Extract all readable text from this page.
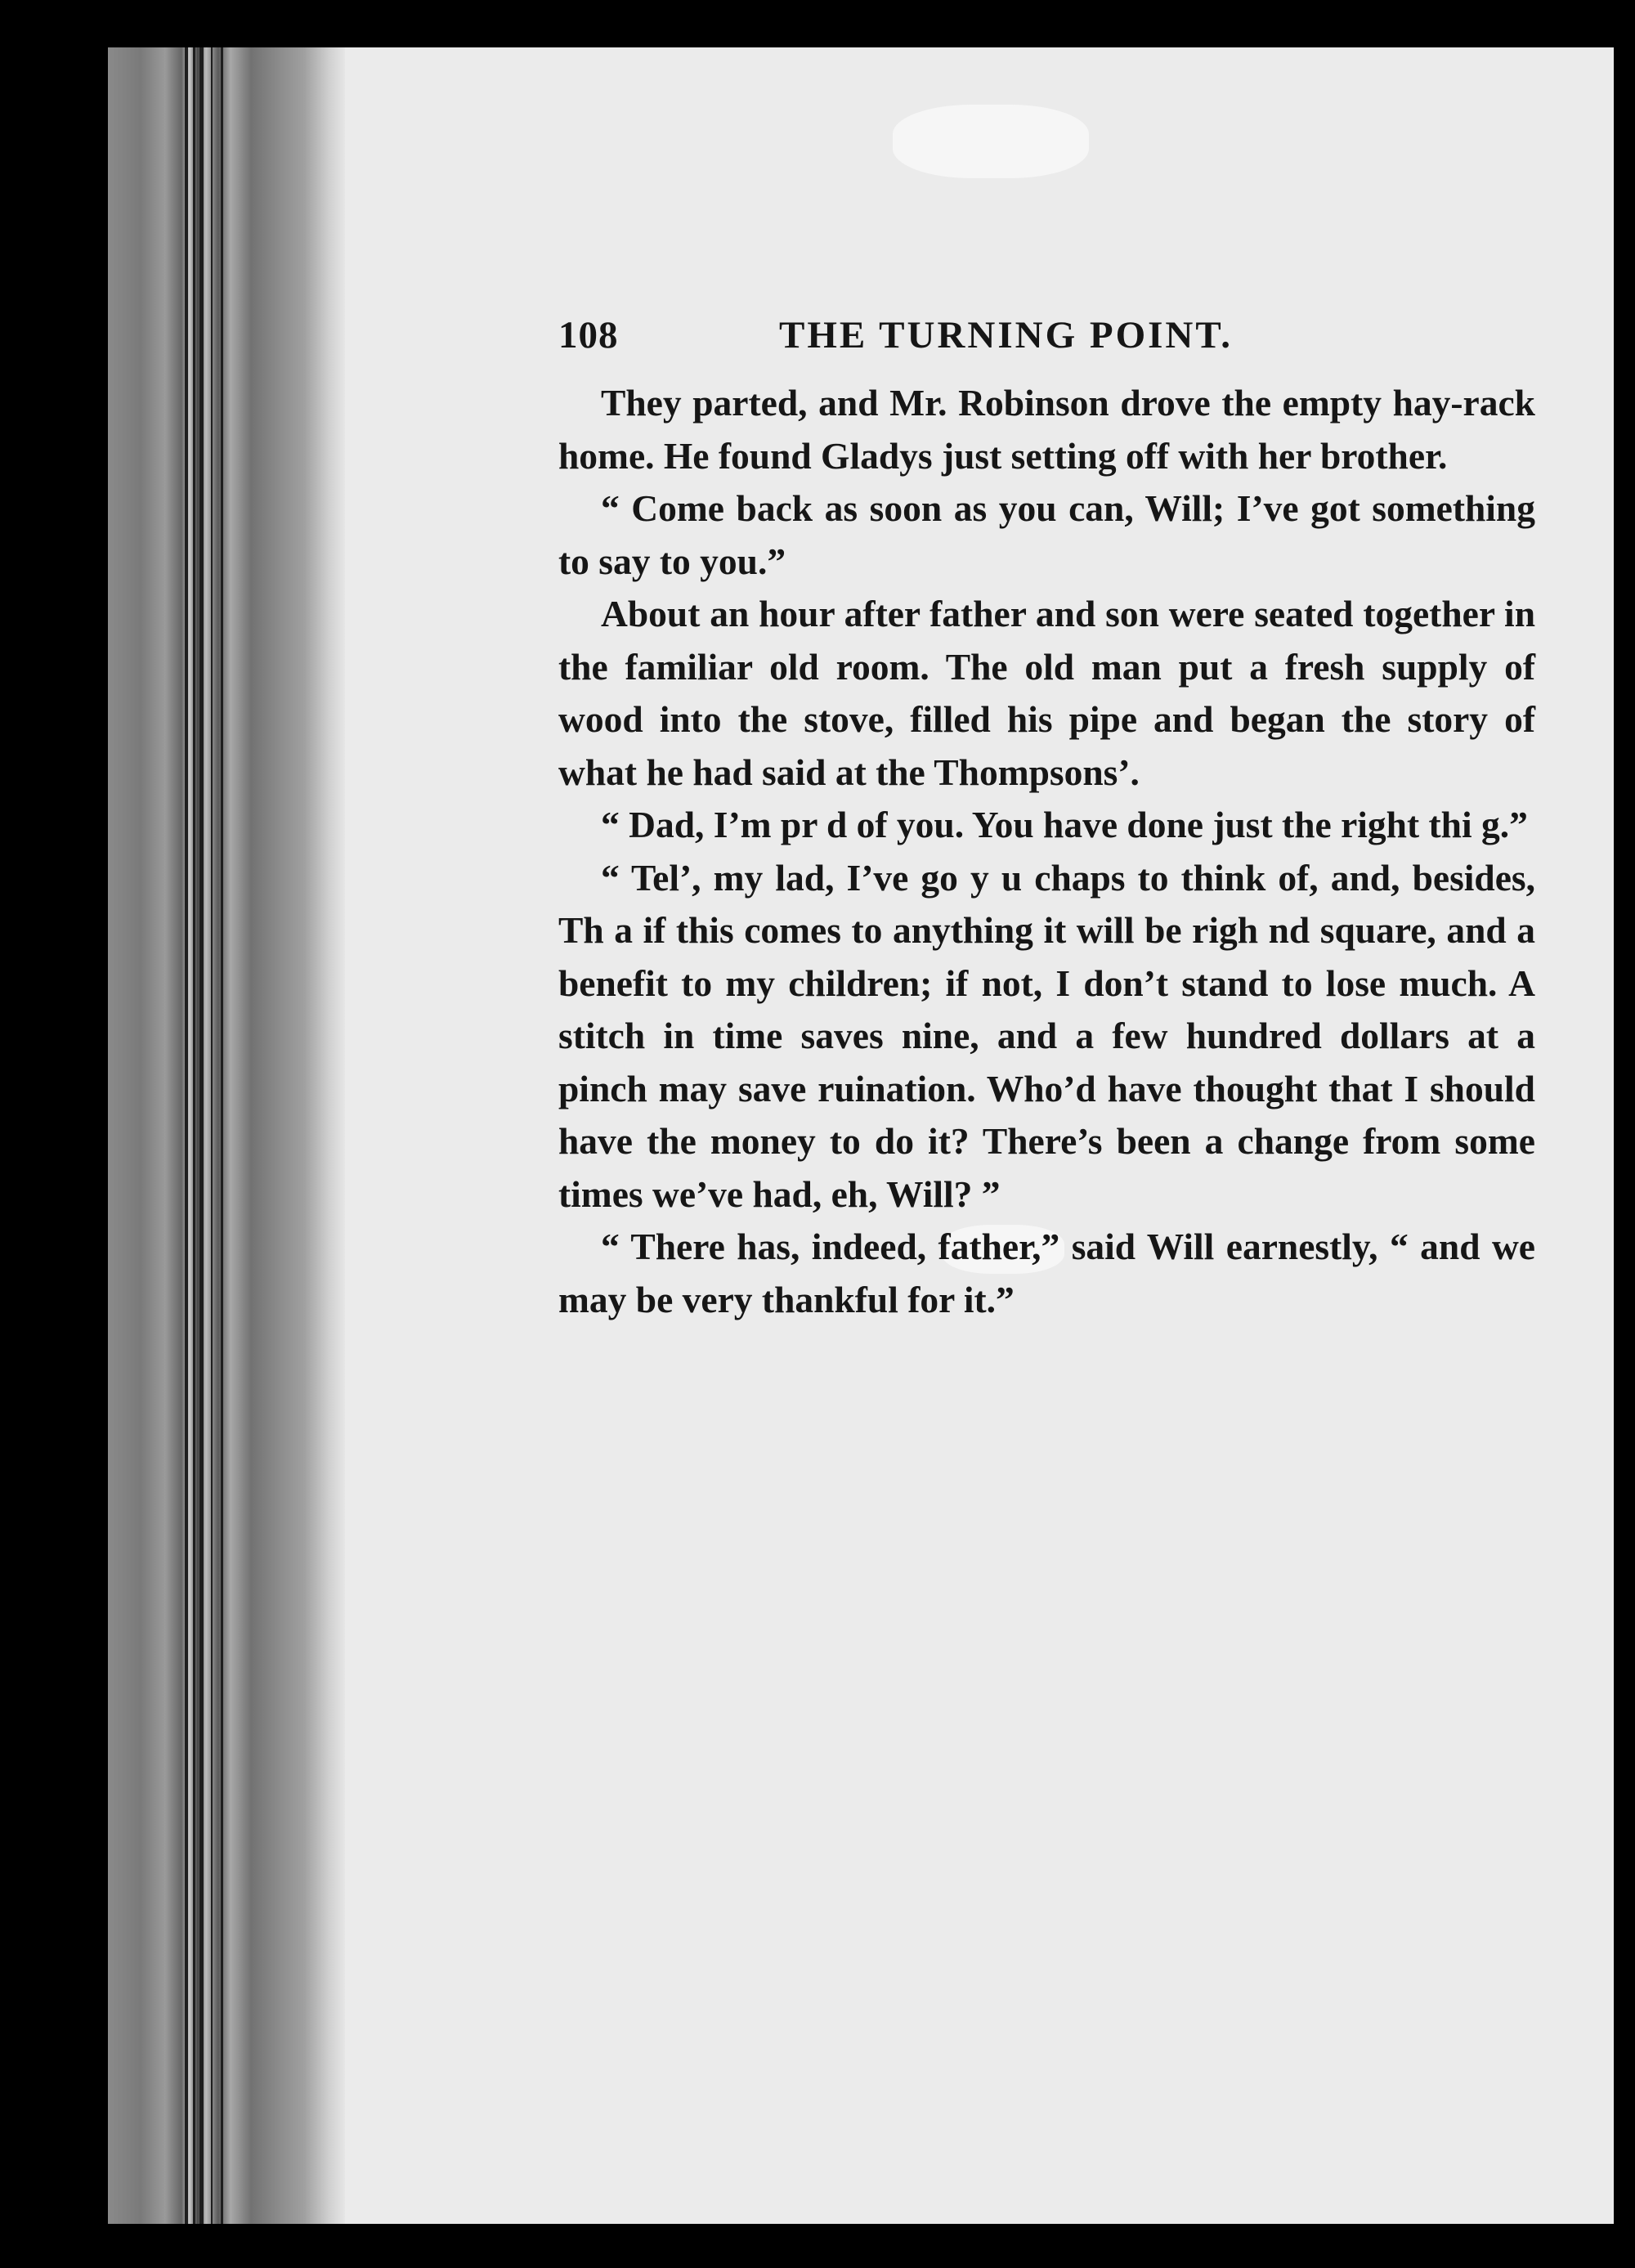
108	THE TURNING POINT.

They parted, and Mr. Robinson drove the empty hay-rack home. He found Gladys just setting off with her brother.

“ Come back as soon as you can, Will; I’ve got something to say to you.”

About an hour after father and son were seated together in the familiar old room. The old man put a fresh supply of wood into the stove, filled his pipe and began the story of what he had said at the Thompsons’.

“ Dad, I’m pr d of you. You have done just the right thi g.”

“ Tel’, my lad, I’ve go y u chaps to think of, and, besides, Th a if this comes to anything it will be righ nd square, and a benefit to my children; if not, I don’t stand to lose much. A stitch in time saves nine, and a few hundred dollars at a pinch may save ruination. Who’d have thought that I should have the money to do it? There’s been a change from some times we’ve had, eh, Will? ”

“ There has, indeed, father,” said Will earnestly, “ and we may be very thankful for it.”
